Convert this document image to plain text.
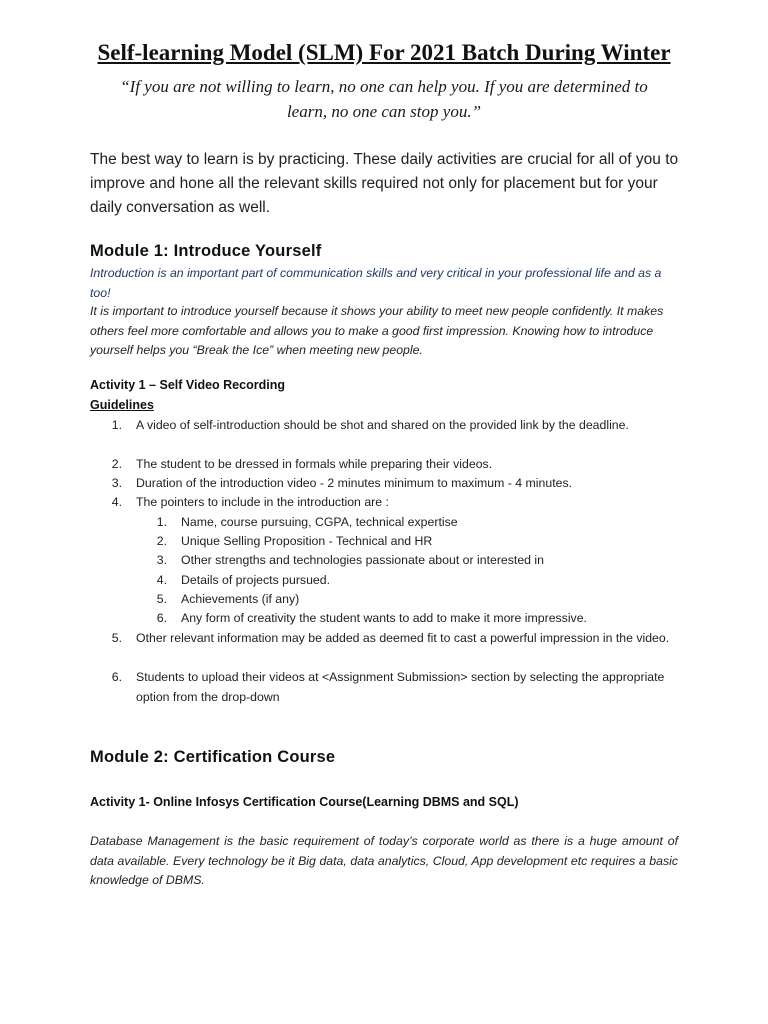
Self-learning Model (SLM) For 2021 Batch During Winter
“If you are not willing to learn, no one can help you. If you are determined to learn, no one can stop you.”
The best way to learn is by practicing. These daily activities are crucial for all of you to improve and hone all the relevant skills required not only for placement but for your daily conversation as well.
Module 1: Introduce Yourself
Introduction is an important part of communication skills and very critical in your professional life and as a too!
It is important to introduce yourself because it shows your ability to meet new people confidently. It makes others feel more comfortable and allows you to make a good first impression. Knowing how to introduce yourself helps you “Break the Ice” when meeting new people.
Activity 1 – Self Video Recording
Guidelines
1. A video of self-introduction should be shot and shared on the provided link by the deadline.
2. The student to be dressed in formals while preparing their videos.
3. Duration of the introduction video - 2 minutes minimum to maximum - 4 minutes.
4. The pointers to include in the introduction are :
1. Name, course pursuing, CGPA, technical expertise
2. Unique Selling Proposition - Technical and HR
3. Other strengths and technologies passionate about or interested in
4. Details of projects pursued.
5. Achievements (if any)
6. Any form of creativity the student wants to add to make it more impressive.
5. Other relevant information may be added as deemed fit to cast a powerful impression in the video.
6. Students to upload their videos at <Assignment Submission> section by selecting the appropriate option from the drop-down
Module 2: Certification Course
Activity 1- Online Infosys Certification Course(Learning DBMS and SQL)
Database Management is the basic requirement of today’s corporate world as there is a huge amount of data available. Every technology be it Big data, data analytics, Cloud, App development etc requires a basic knowledge of DBMS.
